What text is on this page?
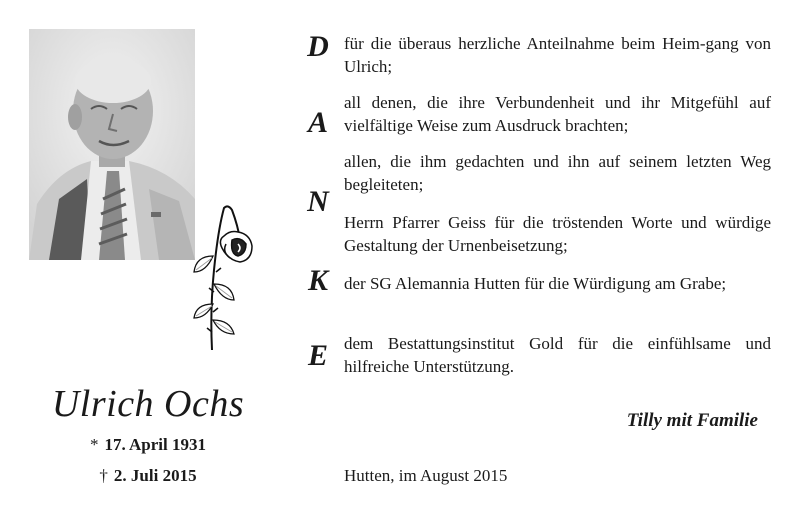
Ulrich Ochs
* 17. April 1931
† 2. Juli 2015
D
A
N
K
E
für die überaus herzliche Anteilnahme beim Heim-gang von Ulrich;
all denen, die ihre Verbundenheit und ihr Mitgefühl auf vielfältige Weise zum Ausdruck brachten;
allen, die ihm gedachten und ihn auf seinem letzten Weg begleiteten;
Herrn Pfarrer Geiss für die tröstenden Worte und würdige Gestaltung der Urnenbeisetzung;
der SG Alemannia Hutten für die Würdigung am Grabe;
dem Bestattungsinstitut Gold für die einfühlsame und hilfreiche Unterstützung.
Tilly mit Familie
Hutten, im August 2015
